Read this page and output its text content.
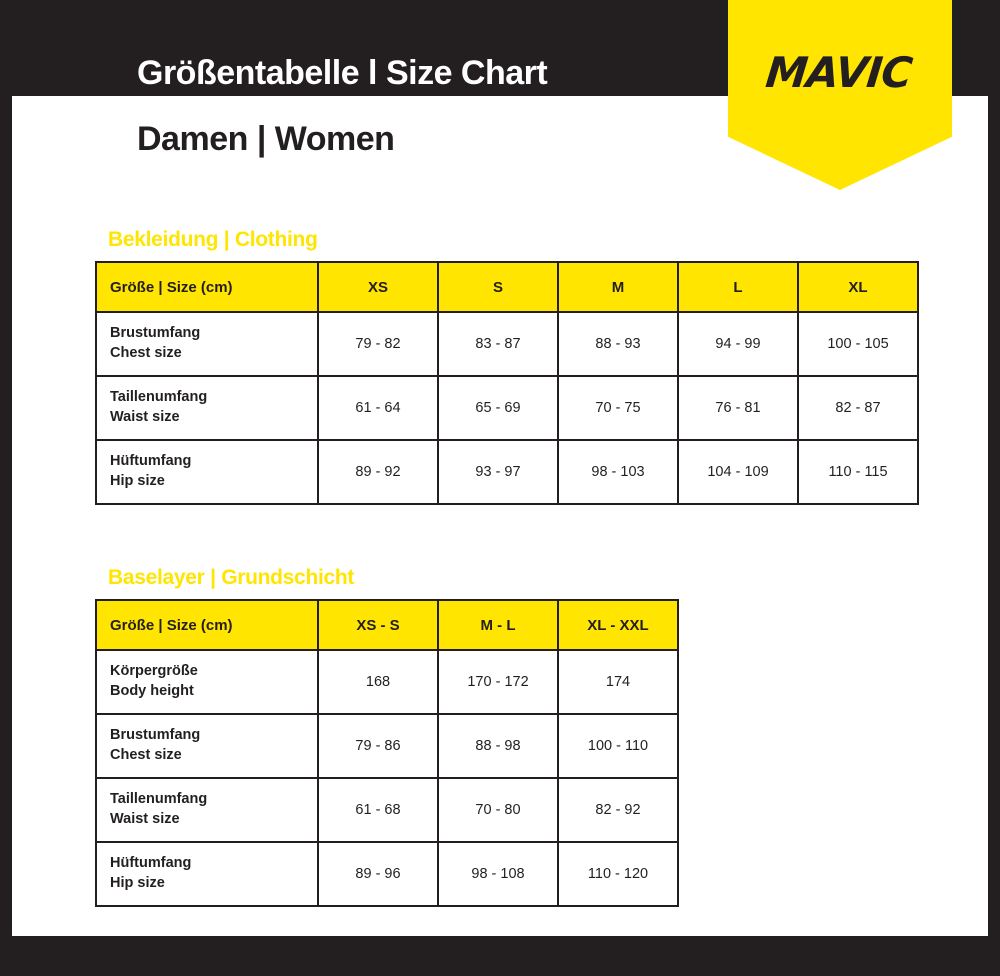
MAVIC
Größentabelle l Size Chart
Damen | Women
Bekleidung | Clothing
Größe | Size (cm)	XS	S	M	L	XL

Brustumfang
Chest size	79 - 82	83 - 87	88 - 93	94 - 99	100 - 105

Taillenumfang
Waist size	61 - 64	65 - 69	70 - 75	76 - 81	82 - 87

Hüftumfang
Hip size	89 - 92	93 - 97	98 - 103	104 - 109	110 - 115
Baselayer | Grundschicht
Größe | Size (cm)	XS - S	M - L	XL - XXL

Körpergröße
Body height	168	170 - 172	174

Brustumfang
Chest size	79 - 86	88 - 98	100 - 110

Taillenumfang
Waist size	61 - 68	70 - 80	82 - 92

Hüftumfang
Hip size	89 - 96	98 - 108	110 - 120
